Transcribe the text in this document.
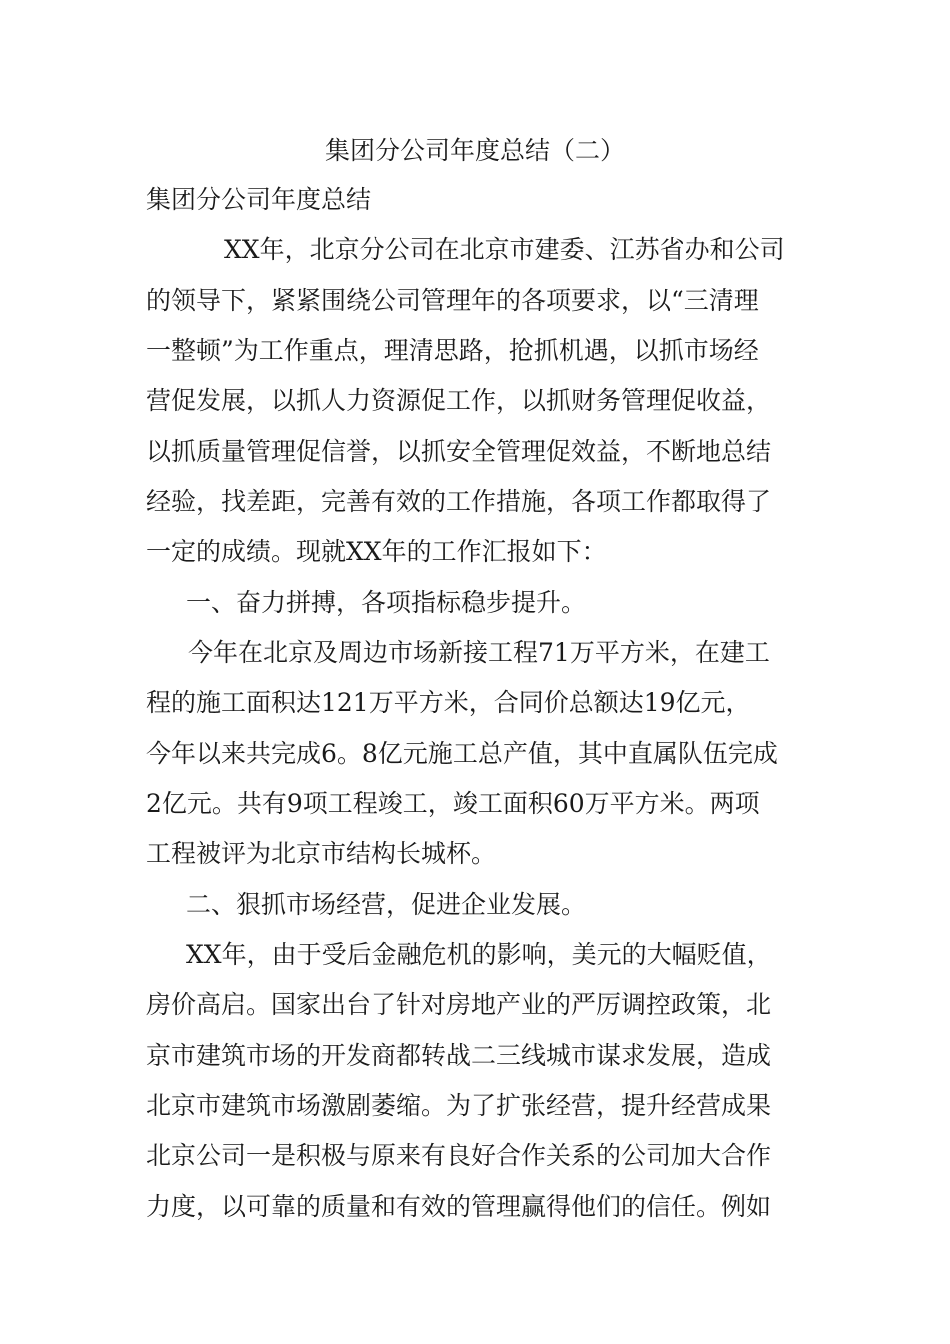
集团分公司年度总结（二）
集团分公司年度总结
XX年，北京分公司在北京市建委、江苏省办和公司
的领导下，紧紧围绕公司管理年的各项要求，以“三清理
一整顿”为工作重点，理清思路，抢抓机遇，以抓市场经
营促发展，以抓人力资源促工作，以抓财务管理促收益，
以抓质量管理促信誉，以抓安全管理促效益，不断地总结
经验，找差距，完善有效的工作措施，各项工作都取得了
一定的成绩。现就XX年的工作汇报如下：
一、奋力拼搏，各项指标稳步提升。
今年在北京及周边市场新接工程71万平方米，在建工
程的施工面积达121万平方米，合同价总额达19亿元，
今年以来共完成6。8亿元施工总产值，其中直属队伍完成
2亿元。共有9项工程竣工，竣工面积60万平方米。两项
工程被评为北京市结构长城杯。
二、狠抓市场经营，促进企业发展。
XX年，由于受后金融危机的影响，美元的大幅贬值，
房价高启。国家出台了针对房地产业的严厉调控政策，北
京市建筑市场的开发商都转战二三线城市谋求发展，造成
北京市建筑市场激剧萎缩。为了扩张经营，提升经营成果
北京公司一是积极与原来有良好合作关系的公司加大合作
力度，以可靠的质量和有效的管理赢得他们的信任。例如
